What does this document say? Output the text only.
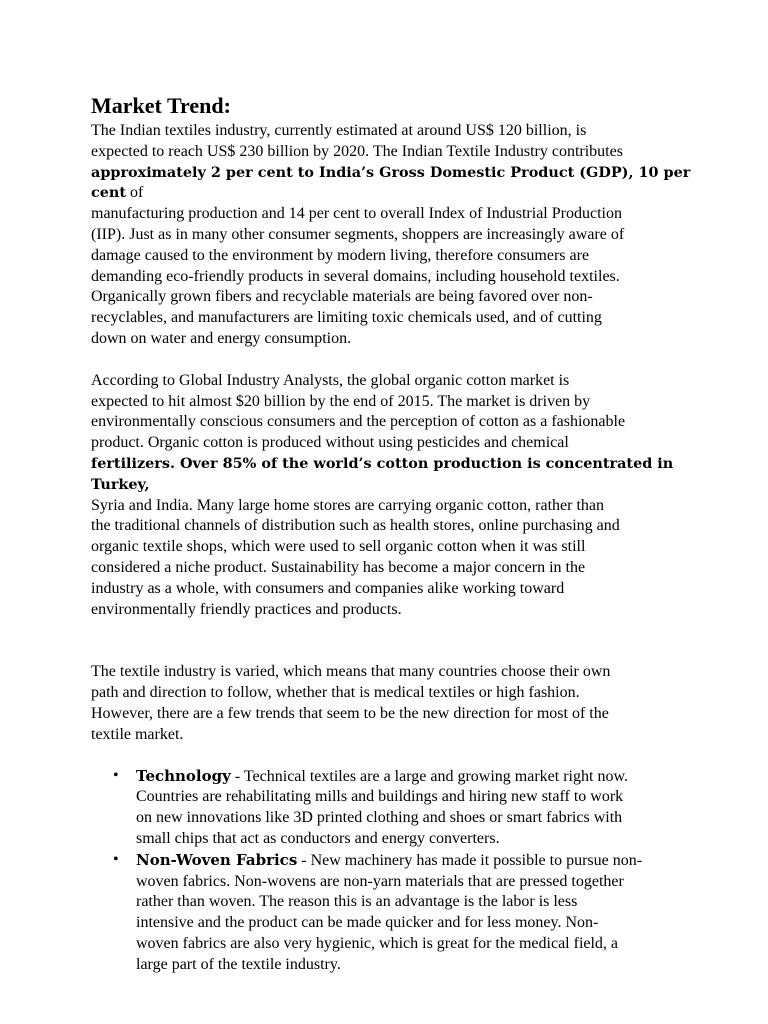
Market Trend:

The Indian textiles industry, currently estimated at around US$ 120 billion, is
expected to reach US$ 230 billion by 2020. The Indian Textile Industry contributes
approximately 2 per cent to India’s Gross Domestic Product (GDP), 10 per cent of
manufacturing production and 14 per cent to overall Index of Industrial Production
(IIP). Just as in many other consumer segments, shoppers are increasingly aware of
damage caused to the environment by modern living, therefore consumers are
demanding eco-friendly products in several domains, including household textiles.
Organically grown fibers and recyclable materials are being favored over non-
recyclables, and manufacturers are limiting toxic chemicals used, and of cutting
down on water and energy consumption.

According to Global Industry Analysts, the global organic cotton market is
expected to hit almost $20 billion by the end of 2015. The market is driven by
environmentally conscious consumers and the perception of cotton as a fashionable
product. Organic cotton is produced without using pesticides and chemical
fertilizers. Over 85% of the world’s cotton production is concentrated in Turkey,
Syria and India. Many large home stores are carrying organic cotton, rather than
the traditional channels of distribution such as health stores, online purchasing and
organic textile shops, which were used to sell organic cotton when it was still
considered a niche product. Sustainability has become a major concern in the
industry as a whole, with consumers and companies alike working toward
environmentally friendly practices and products.

The textile industry is varied, which means that many countries choose their own
path and direction to follow, whether that is medical textiles or high fashion.
However, there are a few trends that seem to be the new direction for most of the
textile market.

• Technology - Technical textiles are a large and growing market right now.
Countries are rehabilitating mills and buildings and hiring new staff to work
on new innovations like 3D printed clothing and shoes or smart fabrics with
small chips that act as conductors and energy converters.
• Non-Woven Fabrics - New machinery has made it possible to pursue non-
woven fabrics. Non-wovens are non-yarn materials that are pressed together
rather than woven. The reason this is an advantage is the labor is less
intensive and the product can be made quicker and for less money. Non-
woven fabrics are also very hygienic, which is great for the medical field, a
large part of the textile industry.
